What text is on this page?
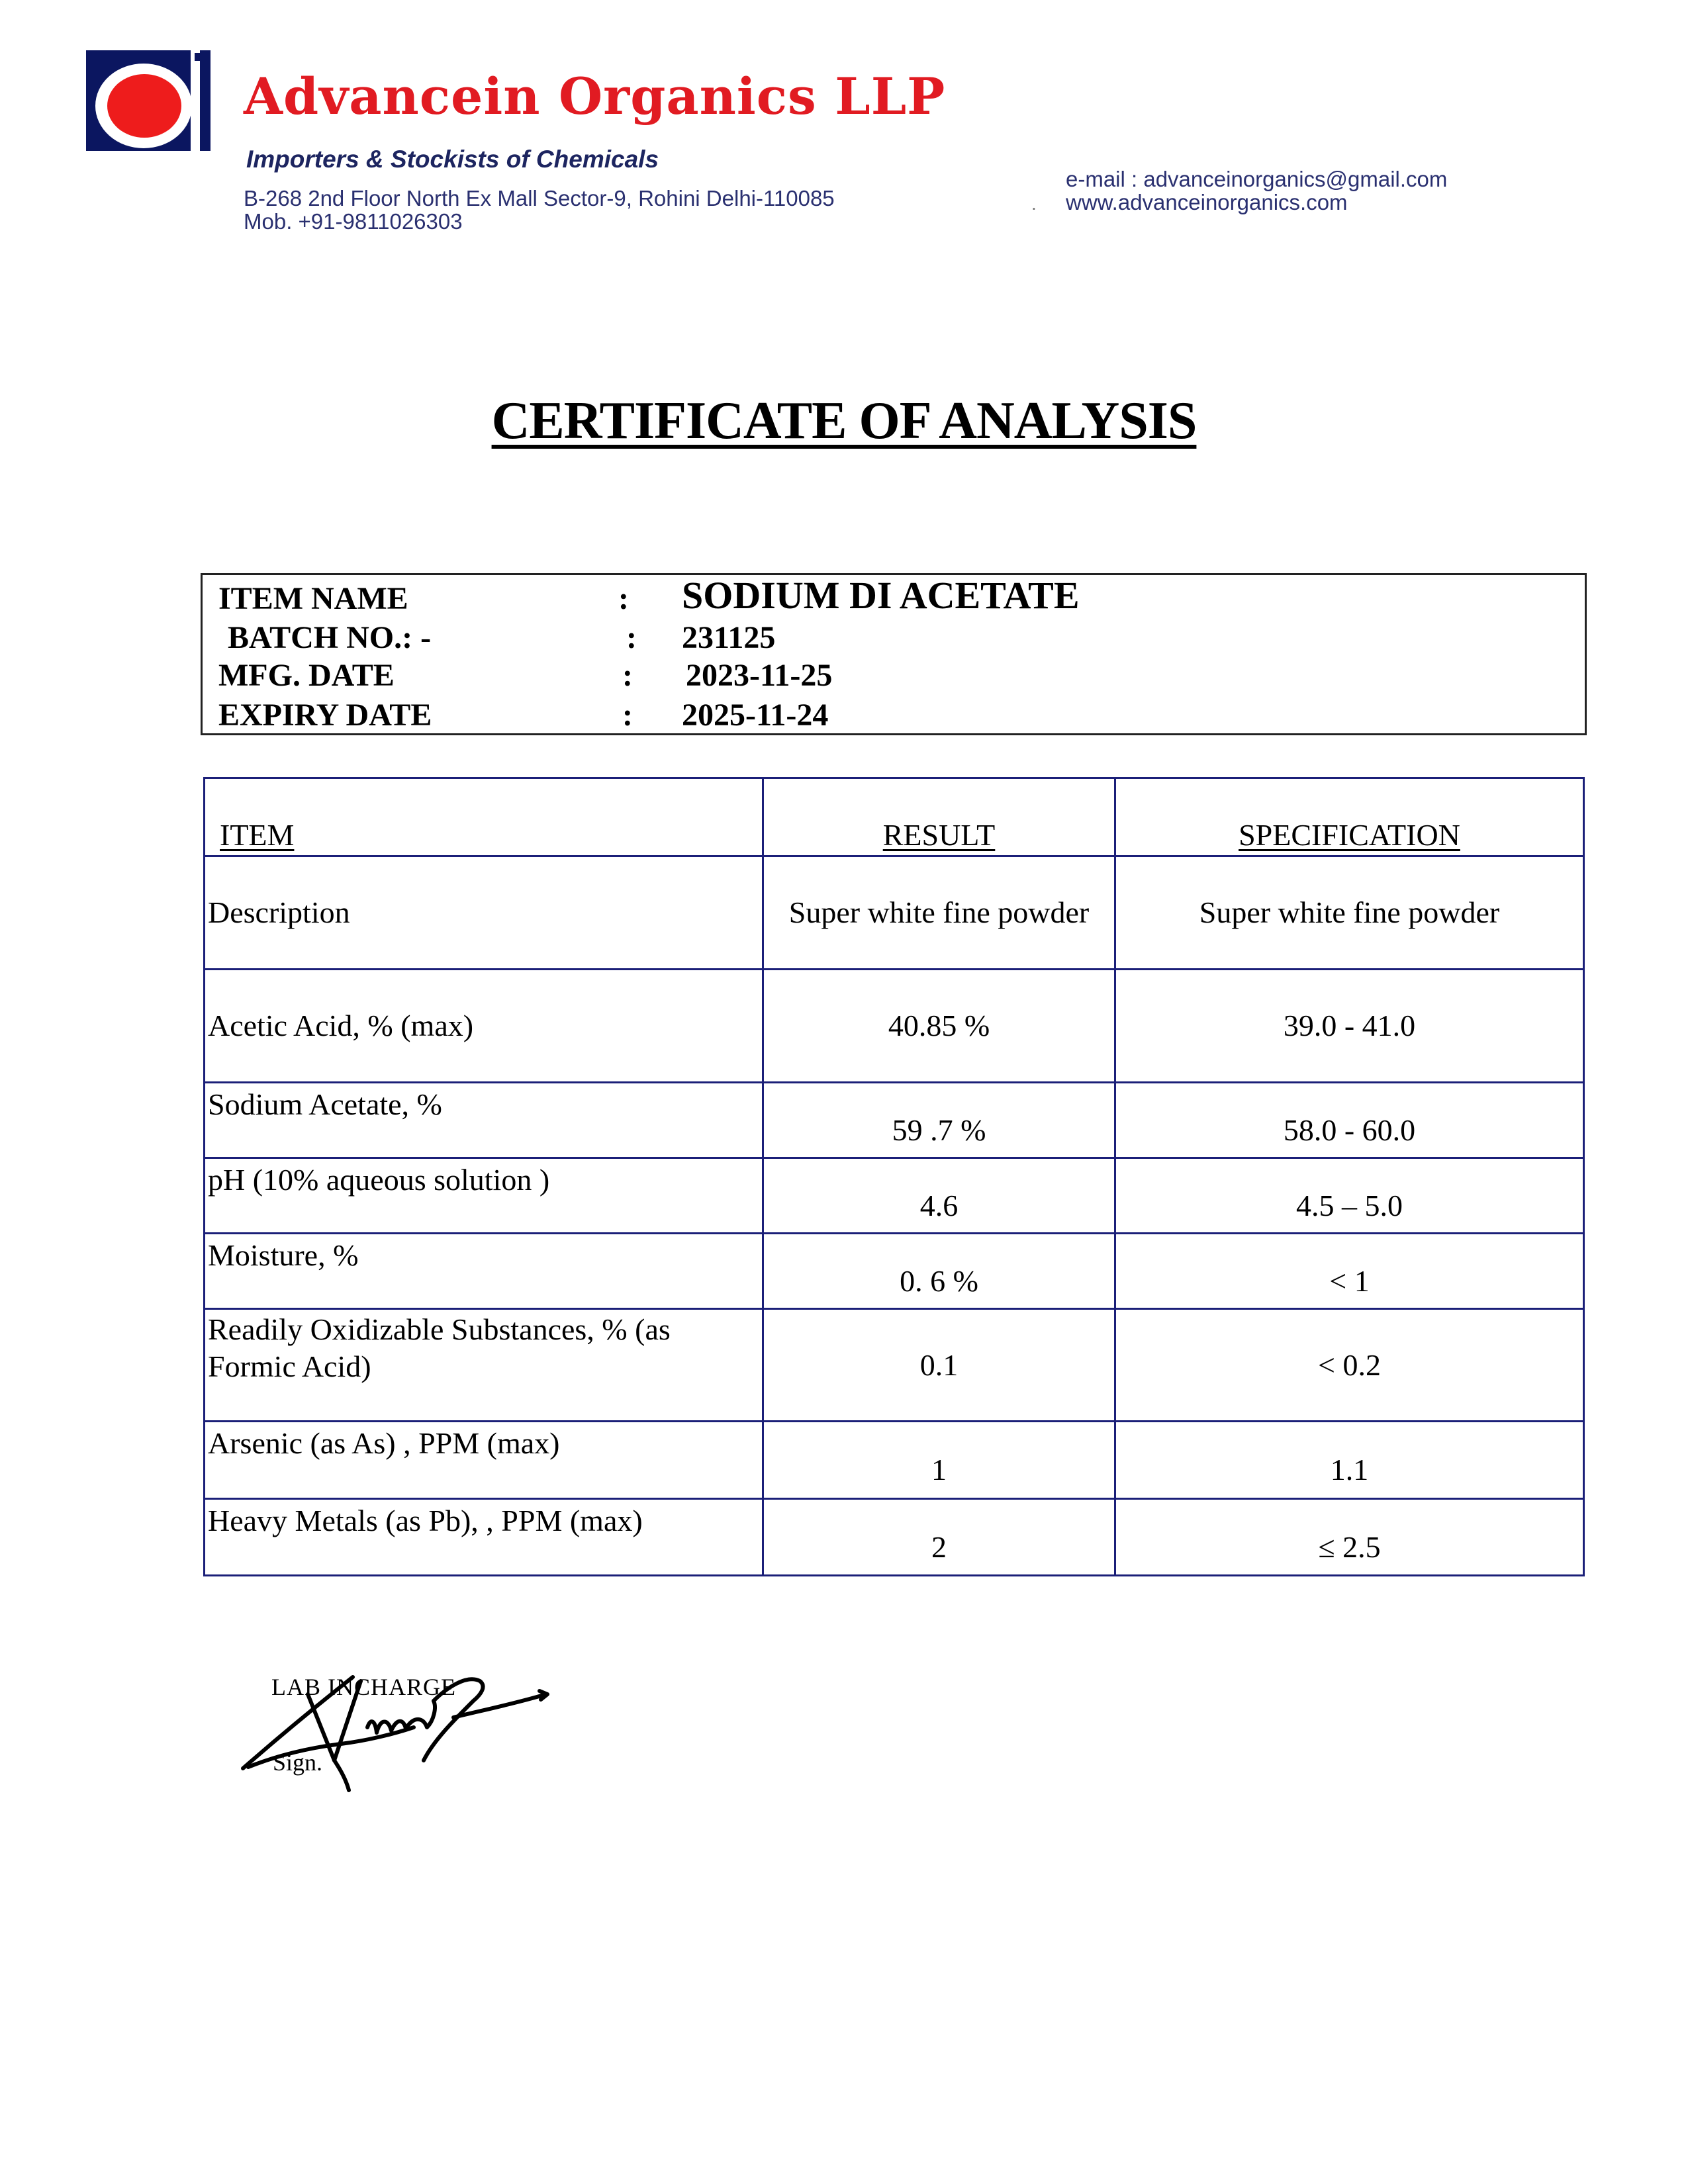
Advancein Organics LLP
Importers & Stockists of Chemicals
B-268 2nd Floor North Ex Mall Sector-9, Rohini Delhi-110085
Mob. +91-9811026303
.
e-mail : advanceinorganics@gmail.com
www.advanceinorganics.com
CERTIFICATE OF ANALYSIS
ITEM NAME	: SODIUM DI ACETATE
BATCH NO.: -	: 231125
MFG. DATE	: 2023-11-25
EXPIRY DATE	: 2025-11-24
ITEM	RESULT	SPECIFICATION
Description	Super white fine powder	Super white fine powder
Acetic Acid, % (max)	40.85 %	39.0 - 41.0
Sodium Acetate, %	59 .7 %	58.0 - 60.0
pH (10% aqueous solution )	4.6	4.5 – 5.0
Moisture, %	0. 6 %	< 1
Readily Oxidizable Substances, % (as Formic Acid)	0.1	< 0.2
Arsenic (as As) , PPM (max)	1	1.1
Heavy Metals (as Pb), , PPM (max)	2	≤ 2.5
LAB INCHARGE
Sign.
